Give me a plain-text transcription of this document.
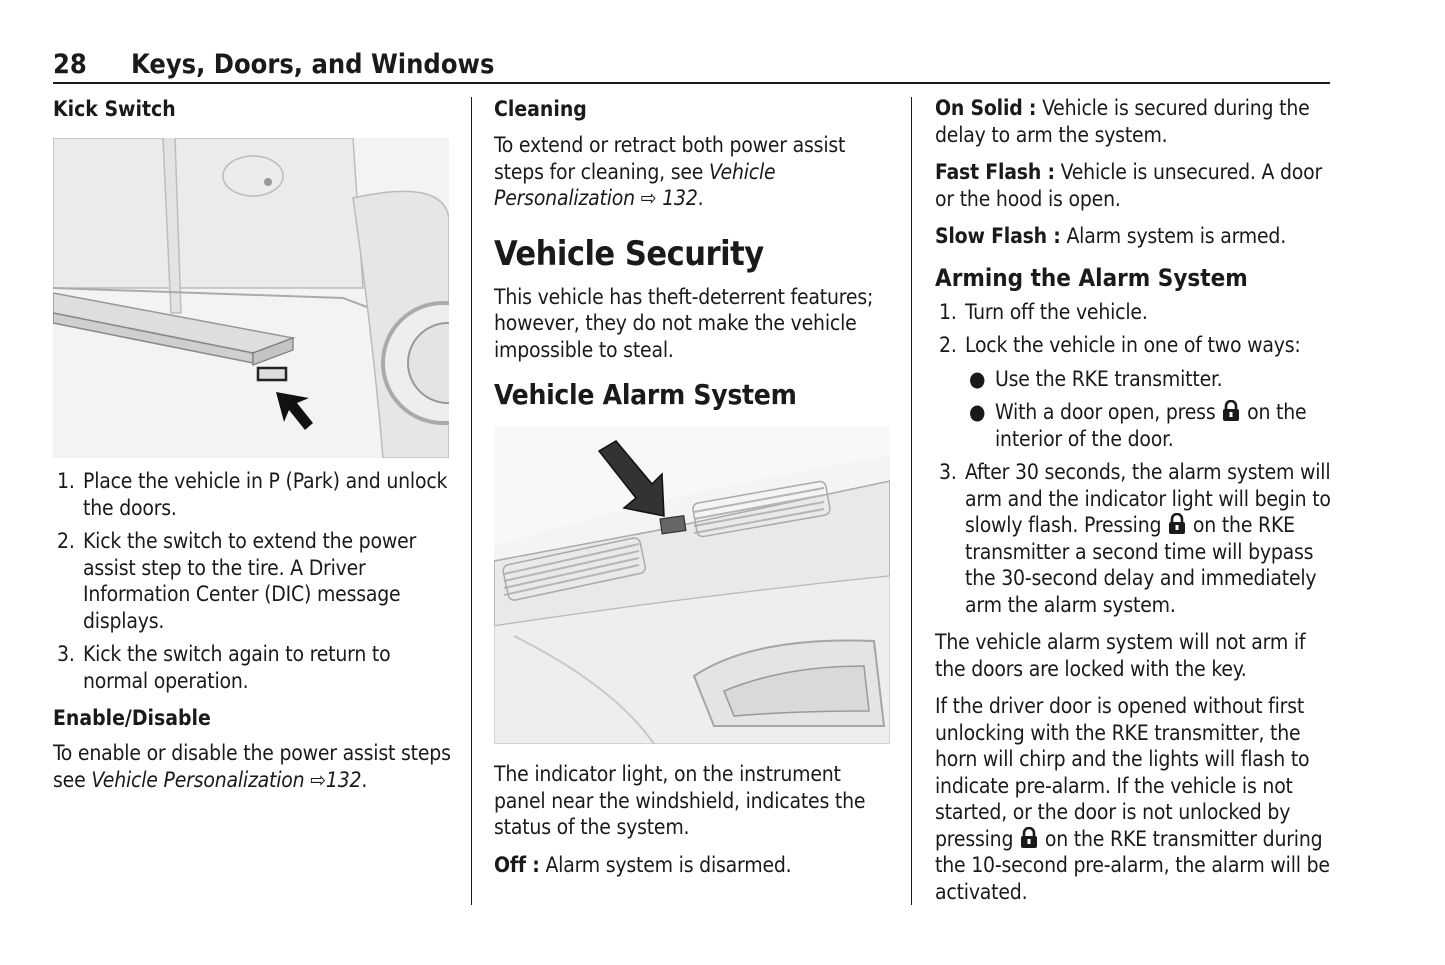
28 Keys, Doors, and Windows

Kick Switch

1. Place the vehicle in P (Park) and unlock the doors.
2. Kick the switch to extend the power assist step to the tire. A Driver Information Center (DIC) message displays.
3. Kick the switch again to return to normal operation.

Enable/Disable

To enable or disable the power assist steps see Vehicle Personalization ⇨132.

Cleaning

To extend or retract both power assist steps for cleaning, see Vehicle Personalization ⇨ 132.

Vehicle Security

This vehicle has theft-deterrent features; however, they do not make the vehicle impossible to steal.

Vehicle Alarm System

The indicator light, on the instrument panel near the windshield, indicates the status of the system.

Off : Alarm system is disarmed.

On Solid : Vehicle is secured during the delay to arm the system.

Fast Flash : Vehicle is unsecured. A door or the hood is open.

Slow Flash : Alarm system is armed.

Arming the Alarm System

1. Turn off the vehicle.
2. Lock the vehicle in one of two ways:
● Use the RKE transmitter.
● With a door open, press on the interior of the door.
3. After 30 seconds, the alarm system will arm and the indicator light will begin to slowly flash. Pressing on the RKE transmitter a second time will bypass the 30-second delay and immediately arm the alarm system.

The vehicle alarm system will not arm if the doors are locked with the key.

If the driver door is opened without first unlocking with the RKE transmitter, the horn will chirp and the lights will flash to indicate pre-alarm. If the vehicle is not started, or the door is not unlocked by pressing on the RKE transmitter during the 10-second pre-alarm, the alarm will be activated.
